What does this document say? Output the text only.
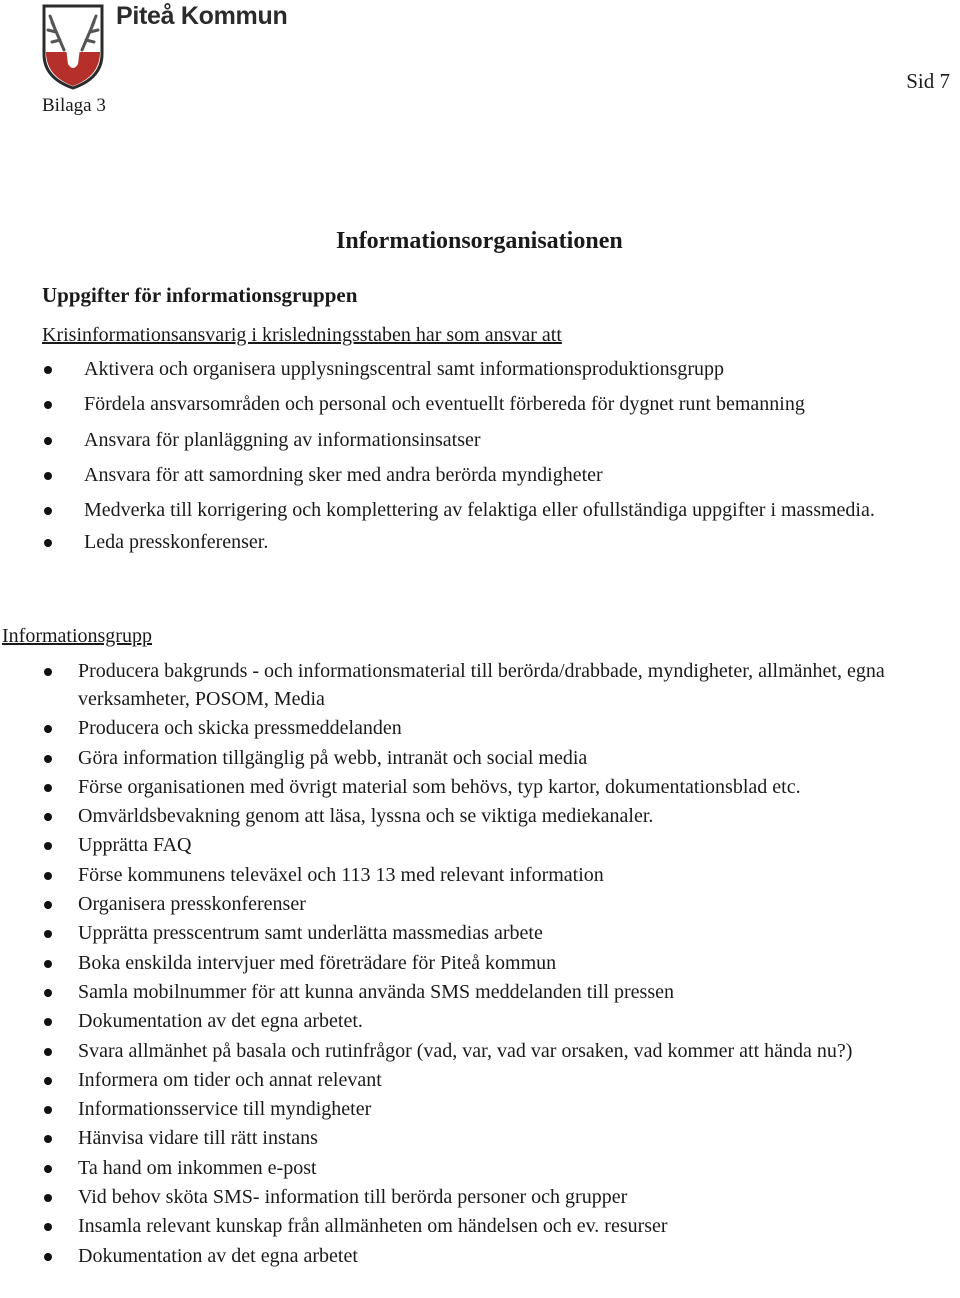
Piteå Kommun
Bilaga 3
Sid 7
Informationsorganisationen
Uppgifter för informationsgruppen
Krisinformationsansvarig i krisledningsstaben har som ansvar att
Aktivera och organisera upplysningscentral samt informationsproduktionsgrupp
Fördela ansvarsområden och personal och eventuellt förbereda för dygnet runt bemanning
Ansvara för planläggning av informationsinsatser
Ansvara för att samordning sker med andra berörda myndigheter
Medverka till korrigering och komplettering av felaktiga eller ofullständiga uppgifter i massmedia.
Leda presskonferenser.
Informationsgrupp
Producera bakgrunds - och informationsmaterial till berörda/drabbade, myndigheter, allmänhet, egna verksamheter, POSOM, Media
Producera och skicka pressmeddelanden
Göra information tillgänglig på webb, intranät och social media
Förse organisationen med övrigt material som behövs, typ kartor, dokumentationsblad etc.
Omvärldsbevakning genom att läsa, lyssna och se viktiga mediekanaler.
Upprätta FAQ
Förse kommunens televäxel och 113 13 med relevant information
Organisera presskonferenser
Upprätta presscentrum samt underlätta massmedias arbete
Boka enskilda intervjuer med företrädare för Piteå kommun
Samla mobilnummer för att kunna använda SMS meddelanden till pressen
Dokumentation av det egna arbetet.
Svara allmänhet på basala och rutinfrågor (vad, var, vad var orsaken, vad kommer att hända nu?)
Informera om tider och annat relevant
Informationsservice till myndigheter
Hänvisa vidare till rätt instans
Ta hand om inkommen e-post
Vid behov sköta SMS- information till berörda personer och grupper
Insamla relevant kunskap från allmänheten om händelsen och ev. resurser
Dokumentation av det egna arbetet
